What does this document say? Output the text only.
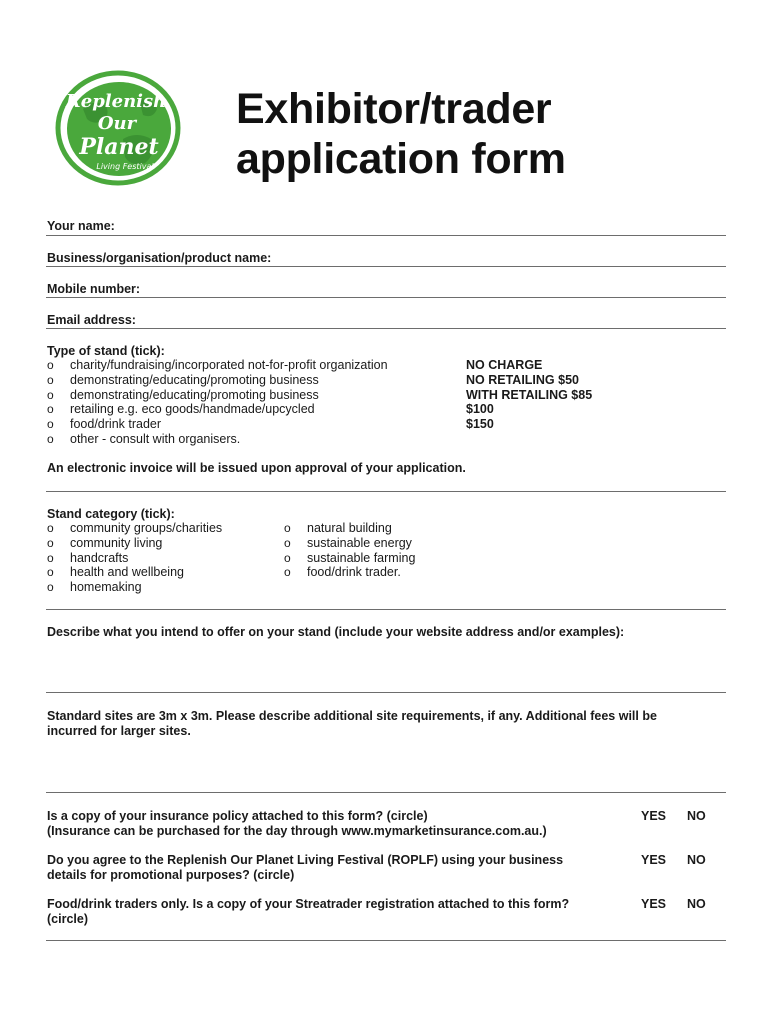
Replenish
Our
Planet
Living Festival
Exhibitor/trader
application form
Your name:
Business/organisation/product name:
Mobile number:
Email address:
Type of stand (tick):
o charity/fundraising/incorporated not-for-profit organization
o demonstrating/educating/promoting business
o demonstrating/educating/promoting business
o retailing e.g. eco goods/handmade/upcycled
o food/drink trader
o other - consult with organisers.
NO CHARGE
NO RETAILING $50
WITH RETAILING $85
$100
$150
An electronic invoice will be issued upon approval of your application.
Stand category (tick):
o community groups/charities
o community living
o handcrafts
o health and wellbeing
o homemaking
o natural building
o sustainable energy
o sustainable farming
o food/drink trader.
Describe what you intend to offer on your stand (include your website address and/or examples):
Standard sites are 3m x 3m. Please describe additional site requirements, if any. Additional fees will be
incurred for larger sites.
Is a copy of your insurance policy attached to this form? (circle)
(Insurance can be purchased for the day through www.mymarketinsurance.com.au.)
YES NO
Do you agree to the Replenish Our Planet Living Festival (ROPLF) using your business
details for promotional purposes? (circle)
YES NO
Food/drink traders only. Is a copy of your Streatrader registration attached to this form?
(circle)
YES NO
